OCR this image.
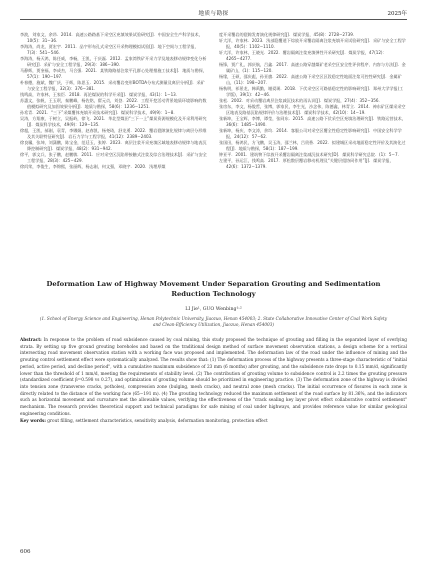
地质与勘探	2025年

李波，刘家文，余昂．2014．高速公路路基下采空区充填效果试验研究[J]．中国安全生产科学技术，10(5)：31−36．

李海涛，尚龙，贾宏宇．2011．品字形布孔式采空区开采物理模拟试验[J]．地下空间与工程学报，7(3)：541−546．

李海涛，杨天鸿，陈任威，李畅，王凯，于庆磊．2012．孟家湾铁矿开采力学及地表移动规律变化分析研究[J]．采矿与安全工程学报，29(3)：386−390．

马静辉，贾奎福，李成杰，马合强．2021．某铁路路基注浆平孔群心处理措施工技术[J]．地质与勘探，57(1)：190−197．

朴春德，施斌，魏广庆，于辉，陈思玉．2015．采动覆岩变形BOTDA分布式测量及离层分析[J]．采矿与安全工程学报，32(3)：376−381．

钱鸣高，许家林，王家臣．2018．再论煤炭的科学开采[J]．煤炭学报，43(1)：1−13．

苏惠文，张帆，王玉珉，秦鹏峰，杨佐铭，翟元贞，刘登．2022．工程开挖活动背景地质环境影响的数值模拟研究及加固效果分析[J]．地质与勘探，58(6)：1236−1251．

孙希青．2021．“三下”采煤覆体充填开采技术研究[J]．煤炭科学技术，49(9)：1−8．

吴涛，方翔康，于树立，吴振岭，徐飞．2021．华北型煤田“三下一上”煤炭资源规模化及开采利用研究[J]．煤炭科学技术，49(9)：129−135．

徐超，王凯，郝刚，袁青，李娜娟，赵春凯，杨尧琦，舒龙勇．2022．覆岩裂隙演化规律与离层分形维及其关联特征研究[J]．岩石力学与工程学报，41(12)：2389−2403．

徐良骥，张坤，刘潇鹏，陈宝金，范廷玉，张婷．2023．离层注浆开采充填区域地表移动规律与地表沉降控制研究[J]．煤炭学报，48(2)：931−942．

徐平，郭文兵，张子鹏，赵鹏敏．2011．应对采空区沉陷带接触式注浆及综合治理技术[J]．采矿与安全工程学报，28(3)：425−429．

徐闳荣，李俊生，李锦熙，张丽辉，杨志刚，何文强，邓晓宇．2020．浅埋厚煤

度开采覆岩的裂隙发育演化规律研究[J]．煤炭学报，45(8)：2728−2739．

轩大洋，许家林．2023．浅部隐覆道下综放开采覆岩隔离注浆充填开采试验研究[J]．采矿与安全工程学报，40(5)：1102−1110．

轩大洋，许家林，王晓光．2022．覆岩隔离注浆充填弹性开采研究[J]．煤炭学报，47(12)：4265−4277．

杨锋，贾广礼，郭庆航，吕鑫．2017．高速公路穿越煤矿老采空区安全性评价程序、内容与方法[J]．金属矿山，(1)：115−120．

杨缘，王硕，邵庆彪，孙亚旗．2022．高速公路下采空区区段稳定性地面注浆可控性研究[J]．金属矿山，(11)：198−207．

杨秋明，祁景龙，韩禹勤，谢爱瑛．2018．下伏采空区可路基稳定性的影响研究[J]．郑州大学学报(工学版)，39(1)：42−46．

张松．2002．对采动覆岩离层注浆减沉技术的再认识[J]．煤炭学报，27(4)：352−356．

张房东，李文，杨俊哲，张博，郭家民，李生光，沙念伟，陈德鑫，林青立．2014．神东矿区煤采采空区地表及路基沉陷规律评价与治理技术[J]．煤炭科学技术，42(10)：14−19．

张新坤，王宝辉，李博，谭莹，张同东．2015．高速公路下伏采空区充填治理研究[J]．铁路运营技术，36(6)：1485−1490．

张新坤，杨庆，李文涛，余均．2014．客服公司对采空区覆全性稳定性影响研究[J]．中国安全科学学报，24(12)：57−62．

张国田，杨鸿民，方飞鹏，吴玉涛，邵兰林，吕贵香．2022．拟建城区采动地面稳定性评价及其演化过程[J]．地质与勘探，58(1)：187−199．

钟亚平．2001．建筑物下综放开采覆岩隔离注浆减沉技术研究[D]．煤炭科学研究总院．(1)：5−7．

左建平，孙运江，钱鸣高．2017．厚松散层覆岩移动机理及“关键层组协同作用”[J]．煤炭学报，42(6)：1372−1379．

Deformation Law of Highway Movement Under Separation Grouting and Sedimentation Reduction Technology
LI Jie¹, GUO Wenbing¹˒²
(1. School of Energy Science and Engineering, Henan Polytechnic University, Jiaozuo, Henan 454003; 2. State Collaborative Innovative Center of Coal Work Safety and Clean-Efficiency Utilization, Jiaozuo, Henan 454003)
Abstract: In response to the problem of road subsidence caused by coal mining, this study proposed the technique of grouting and filling in the separated layer of overlying strata. By setting up five ground grouting boreholes and based on the traditional design method of surface movement observation stations, a design scheme for a vertical intersecting road movement observation station with a working face was proposed and implemented. The deformation law of the road under the influence of mining and the grouting control settlement effect were systematically analyzed. The results show that: (1) The deformation process of the highway presents a three-stage characteristic of "initial period, active period, and decline period", with a cumulative maximum subsidence of 23 mm (6 months) after grouting, and the subsidence rate drops to 0.15 mm/d, significantly lower than the threshold of 1 mm/d, meeting the requirements of stability level. (2) The contribution of grouting volume to subsidence control is 2.2 times the grouting pressure (standardized coefficient β=0.598 vs 0.27), and optimization of grouting volume should be prioritized in engineering practice. (3) The deformation zone of the highway is divided into tension zone (transverse cracks, potholes), compression zone (bulging, mesh cracks), and neutral zone (mesh cracks). The initial occurrence of fissures in each zone is directly related to the distance of the working face (65−191 m). (4) The grouting technology reduced the maximum settlement of the road surface by 81.36%, and the indicators such as horizontal movement and curvature met the allowable values, verifying the effectiveness of the "crack sealing key layer pivot effect collaborative control settlement" mechanism. The research provides theoretical support and technical paradigms for safe mining of coal under highways, and provides reference value for similar geological engineering conditions.
Key words: grout filling, settlement characteristics, sensitivity analysis, deformation monitoring, protection effect
606
